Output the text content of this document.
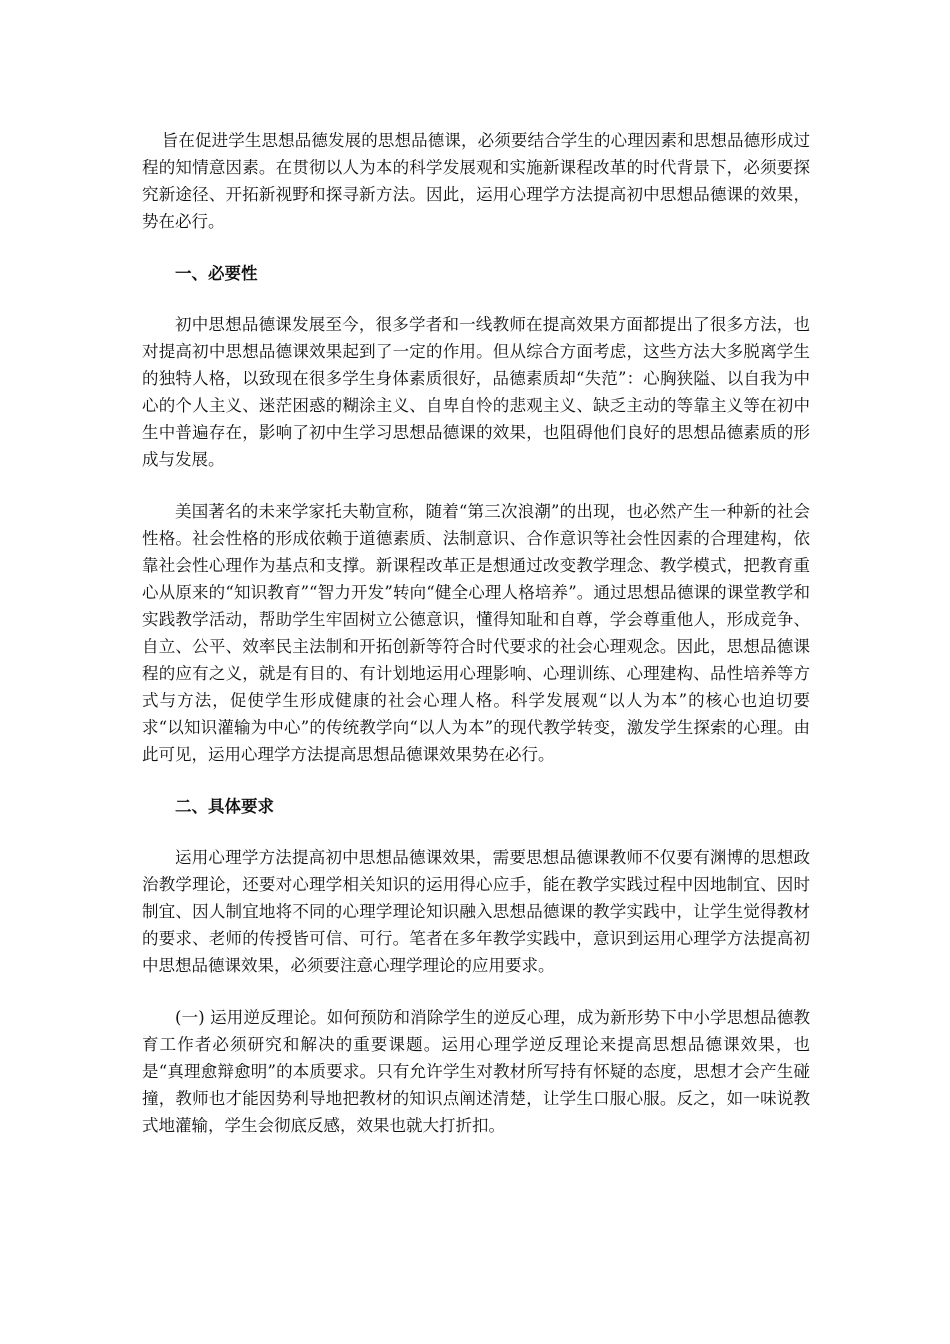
旨在促进学生思想品德发展的思想品德课，必须要结合学生的心理因素和思想品德形成过程的知情意因素。在贯彻以人为本的科学发展观和实施新课程改革的时代背景下，必须要探究新途径、开拓新视野和探寻新方法。因此，运用心理学方法提高初中思想品德课的效果，势在必行。

一、必要性

初中思想品德课发展至今，很多学者和一线教师在提高效果方面都提出了很多方法，也对提高初中思想品德课效果起到了一定的作用。但从综合方面考虑，这些方法大多脱离学生的独特人格，以致现在很多学生身体素质很好，品德素质却“失范”：心胸狭隘、以自我为中心的个人主义、迷茫困惑的糊涂主义、自卑自怜的悲观主义、缺乏主动的等靠主义等在初中生中普遍存在，影响了初中生学习思想品德课的效果，也阻碍他们良好的思想品德素质的形成与发展。

美国著名的未来学家托夫勒宣称，随着“第三次浪潮”的出现，也必然产生一种新的社会性格。社会性格的形成依赖于道德素质、法制意识、合作意识等社会性因素的合理建构，依靠社会性心理作为基点和支撑。新课程改革正是想通过改变教学理念、教学模式，把教育重心从原来的“知识教育”“智力开发”转向“健全心理人格培养”。通过思想品德课的课堂教学和实践教学活动，帮助学生牢固树立公德意识，懂得知耻和自尊，学会尊重他人，形成竞争、自立、公平、效率民主法制和开拓创新等符合时代要求的社会心理观念。因此，思想品德课程的应有之义，就是有目的、有计划地运用心理影响、心理训练、心理建构、品性培养等方式与方法，促使学生形成健康的社会心理人格。科学发展观“以人为本”的核心也迫切要求“以知识灌输为中心”的传统教学向“以人为本”的现代教学转变，激发学生探索的心理。由此可见，运用心理学方法提高思想品德课效果势在必行。

二、具体要求

运用心理学方法提高初中思想品德课效果，需要思想品德课教师不仅要有渊博的思想政治教学理论，还要对心理学相关知识的运用得心应手，能在教学实践过程中因地制宜、因时制宜、因人制宜地将不同的心理学理论知识融入思想品德课的教学实践中，让学生觉得教材的要求、老师的传授皆可信、可行。笔者在多年教学实践中，意识到运用心理学方法提高初中思想品德课效果，必须要注意心理学理论的应用要求。

(一) 运用逆反理论。如何预防和消除学生的逆反心理，成为新形势下中小学思想品德教育工作者必须研究和解决的重要课题。运用心理学逆反理论来提高思想品德课效果，也是“真理愈辩愈明”的本质要求。只有允许学生对教材所写持有怀疑的态度，思想才会产生碰撞，教师也才能因势利导地把教材的知识点阐述清楚，让学生口服心服。反之，如一味说教式地灌输，学生会彻底反感，效果也就大打折扣。
